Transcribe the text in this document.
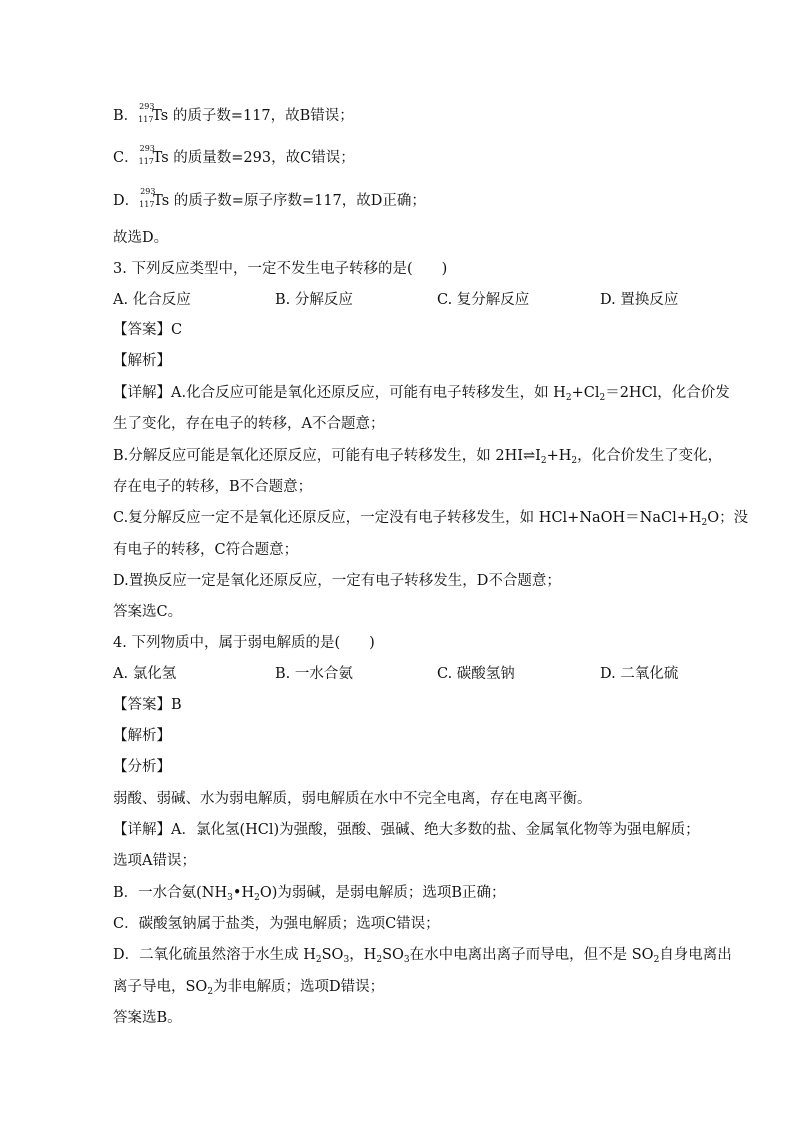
B．
293
117
Ts 的质子数=117，故B错误；
C．
293
117
Ts 的质量数=293，故C错误；
D．
293
117
Ts 的质子数=原子序数=117，故D正确；
故选D。
3. 下列反应类型中，一定不发生电子转移的是(　　)
A. 化合反应	B. 分解反应	C. 复分解反应	D. 置换反应
【答案】C
【解析】
【详解】A.化合反应可能是氧化还原反应，可能有电子转移发生，如 $H_2+Cl_2=2HCl$，化合价发
生了变化，存在电子的转移，A不合题意；
B.分解反应可能是氧化还原反应，可能有电子转移发生，如 $2HI\rightleftharpoons I_2+H_2$，化合价发生了变化，
存在电子的转移，B不合题意；
C.复分解反应一定不是氧化还原反应，一定没有电子转移发生，如 $HCl+NaOH=NaCl+H_2O$；没
有电子的转移，C符合题意；
D.置换反应一定是氧化还原反应，一定有电子转移发生，D不合题意；
答案选C。
4. 下列物质中，属于弱电解质的是(　　)
A. 氯化氢	B. 一水合氨	C. 碳酸氢钠	D. 二氧化硫
【答案】B
【解析】
【分析】
弱酸、弱碱、水为弱电解质，弱电解质在水中不完全电离，存在电离平衡。
【详解】A．氯化氢(HCl)为强酸，强酸、强碱、绝大多数的盐、金属氧化物等为强电解质；
选项A错误；
B．一水合氨$(NH_3•H_2O)$为弱碱，是弱电解质；选项B正确；
C．碳酸氢钠属于盐类，为强电解质；选项C错误；
D．二氧化硫虽然溶于水生成 $H_2SO_3$，$H_2SO_3$在水中电离出离子而导电，但不是 $SO_2$自身电离出
离子导电，$SO_2$为非电解质；选项D错误；
答案选B。
